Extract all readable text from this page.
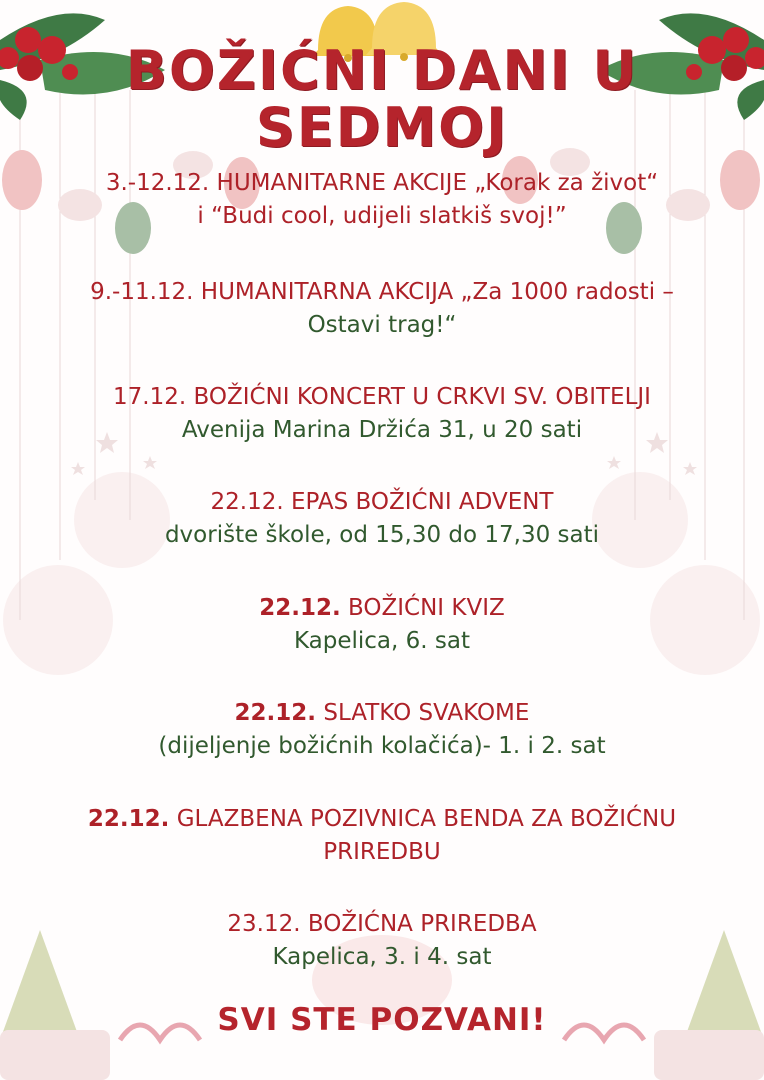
BOŽIĆNI DANI U
SEDMOJ
3.-12.12. HUMANITARNE AKCIJE „Korak za život“
i “Budi cool, udijeli slatkiš svoj!”
9.-11.12. HUMANITARNA AKCIJA „Za 1000 radosti –
Ostavi trag!“
17.12. BOŽIĆNI KONCERT U CRKVI SV. OBITELJI
Avenija Marina Držića 31, u 20 sati
22.12. EPAS BOŽIĆNI ADVENT
dvorište škole, od 15,30 do 17,30 sati
22.12. BOŽIĆNI KVIZ
Kapelica, 6. sat
22.12. SLATKO SVAKOME
(dijeljenje božićnih kolačića)- 1. i 2. sat
22.12. GLAZBENA POZIVNICA BENDA ZA BOŽIĆNU
PRIREDBU
23.12. BOŽIĆNA PRIREDBA
Kapelica, 3. i 4. sat
SVI STE POZVANI!
